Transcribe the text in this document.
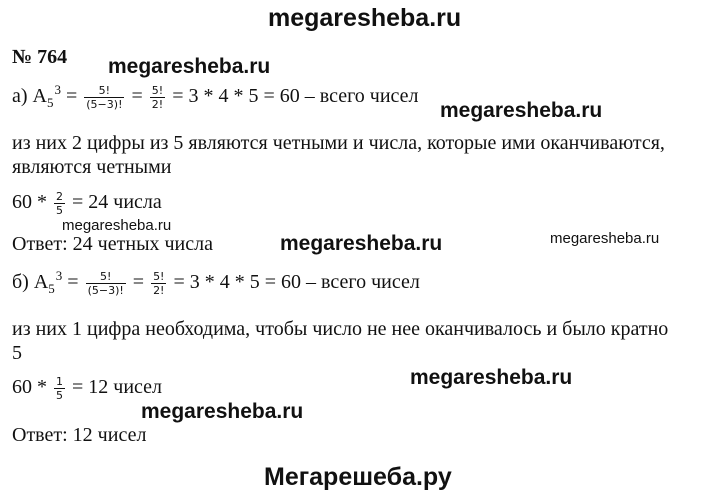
megaresheba.ru
megaresheba.ru
megaresheba.ru
megaresheba.ru
megaresheba.ru	megaresheba.ru
megaresheba.ru
megaresheba.ru
Мегарешеба.ру
№ 764
а) $A_5^3 = \frac{5!}{(5-3)!} = \frac{5!}{2!} = 3 * 4 * 5 = 60$ – всего чисел
из них 2 цифры из 5 являются четными и числа, которые ими оканчиваются,
являются четными
$60 * \frac{2}{5} = 24$ числа
Ответ: 24 четных числа
б) $A_5^3 = \frac{5!}{(5-3)!} = \frac{5!}{2!} = 3 * 4 * 5 = 60$ – всего чисел
из них 1 цифра необходима, чтобы число не нее оканчивалось и было кратно
5
$60 * \frac{1}{5} = 12$ чисел
Ответ: 12 чисел
